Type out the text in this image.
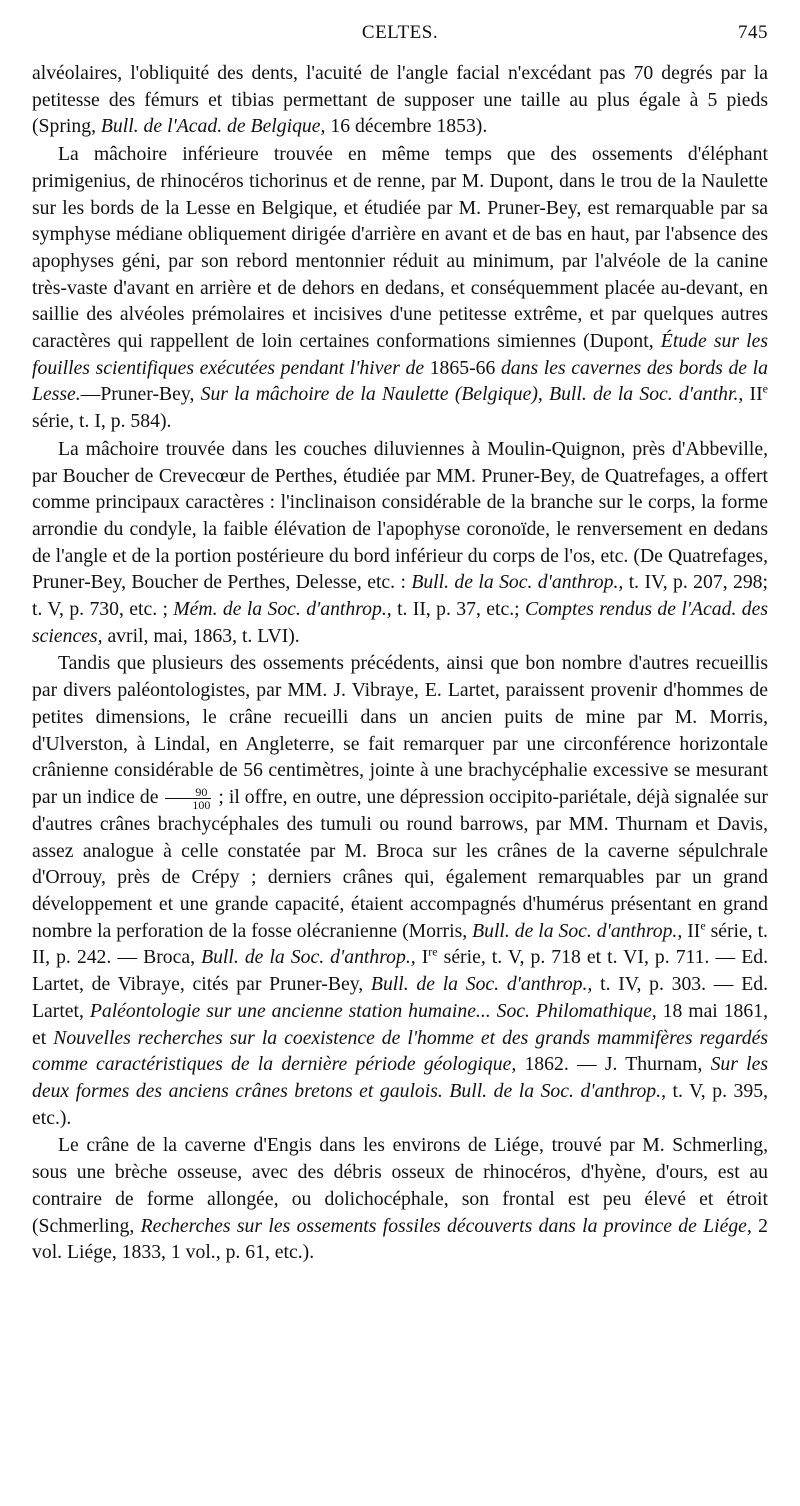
CELTES.	745

alvéolaires, l'obliquité des dents, l'acuité de l'angle facial n'excédant pas 70 degrés par la petitesse des fémurs et tibias permettant de supposer une taille au plus égale à 5 pieds (Spring, Bull. de l'Acad. de Belgique, 16 décembre 1853).

La mâchoire inférieure trouvée en même temps que des ossements d'éléphant primigenius, de rhinocéros tichorinus et de renne, par M. Dupont, dans le trou de la Naulette sur les bords de la Lesse en Belgique, et étudiée par M. Pruner-Bey, est remarquable par sa symphyse médiane obliquement dirigée d'arrière en avant et de bas en haut, par l'absence des apophyses géni, par son rebord mentonnier réduit au minimum, par l'alvéole de la canine très-vaste d'avant en arrière et de dehors en dedans, et conséquemment placée au-devant, en saillie des alvéoles prémolaires et incisives d'une petitesse extrême, et par quelques autres caractères qui rappellent de loin certaines conformations simiennes (Dupont, Étude sur les fouilles scientifiques exécutées pendant l'hiver de 1865-66 dans les cavernes des bords de la Lesse.—Pruner-Bey, Sur la mâchoire de la Naulette (Belgique), Bull. de la Soc. d'anthr., IIe série, t. I, p. 584).

La mâchoire trouvée dans les couches diluviennes à Moulin-Quignon, près d'Abbeville, par Boucher de Crevecœur de Perthes, étudiée par MM. Pruner-Bey, de Quatrefages, a offert comme principaux caractères : l'inclinaison considérable de la branche sur le corps, la forme arrondie du condyle, la faible élévation de l'apophyse coronoïde, le renversement en dedans de l'angle et de la portion postérieure du bord inférieur du corps de l'os, etc. (De Quatrefages, Pruner-Bey, Boucher de Perthes, Delesse, etc. : Bull. de la Soc. d'anthrop., t. IV, p. 207, 298; t. V, p. 730, etc. ; Mém. de la Soc. d'anthrop., t. II, p. 37, etc.; Comptes rendus de l'Acad. des sciences, avril, mai, 1863, t. LVI).

Tandis que plusieurs des ossements précédents, ainsi que bon nombre d'autres recueillis par divers paléontologistes, par MM. J. Vibraye, E. Lartet, paraissent provenir d'hommes de petites dimensions, le crâne recueilli dans un ancien puits de mine par M. Morris, d'Ulverston, à Lindal, en Angleterre, se fait remarquer par une circonférence horizontale crânienne considérable de 56 centimètres, jointe à une brachycéphalie excessive se mesurant par un indice de $\frac{90}{100}$ ; il offre, en outre, une dépression occipito-pariétale, déjà signalée sur d'autres crânes brachycéphales des tumuli ou round barrows, par MM. Thurnam et Davis, assez analogue à celle constatée par M. Broca sur les crânes de la caverne sépulchrale d'Orrouy, près de Crépy ; derniers crânes qui, également remarquables par un grand développement et une grande capacité, étaient accompagnés d'humérus présentant en grand nombre la perforation de la fosse olécranienne (Morris, Bull. de la Soc. d'anthrop., IIe série, t. II, p. 242. — Broca, Bull. de la Soc. d'anthrop., Ire série, t. V, p. 718 et t. VI, p. 711. — Ed. Lartet, de Vibraye, cités par Pruner-Bey, Bull. de la Soc. d'anthrop., t. IV, p. 303. — Ed. Lartet, Paléontologie sur une ancienne station humaine... Soc. Philomathique, 18 mai 1861, et Nouvelles recherches sur la coexistence de l'homme et des grands mammifères regardés comme caractéristiques de la dernière période géologique, 1862. — J. Thurnam, Sur les deux formes des anciens crânes bretons et gaulois. Bull. de la Soc. d'anthrop., t. V, p. 395, etc.).

Le crâne de la caverne d'Engis dans les environs de Liége, trouvé par M. Schmerling, sous une brèche osseuse, avec des débris osseux de rhinocéros, d'hyène, d'ours, est au contraire de forme allongée, ou dolichocéphale, son frontal est peu élevé et étroit (Schmerling, Recherches sur les ossements fossiles découverts dans la province de Liége, 2 vol. Liége, 1833, 1 vol., p. 61, etc.).
